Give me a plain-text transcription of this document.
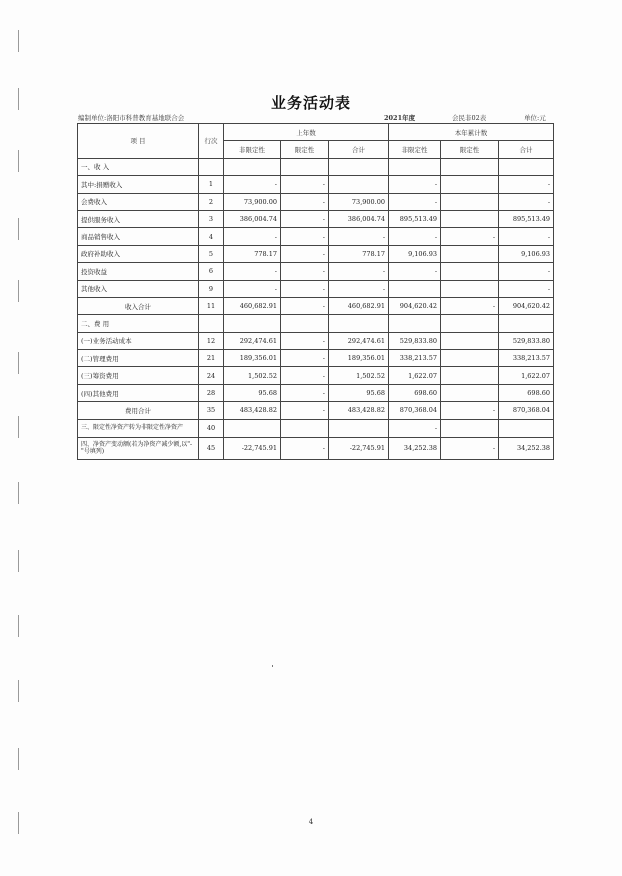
业务活动表
编制单位:洛阳市科普教育基地联合会	2021年度	会民非02表	单位:元
项 目	行次	上年数			本年累计数		
		非限定性	限定性	合计	非限定性	限定性	合计
一、收 入							
其中:捐赠收入	1	-	-		-		-
会费收入	2	73,900.00	-	73,900.00	-		-
提供服务收入	3	386,004.74	-	386,004.74	895,513.49		895,513.49
商品销售收入	4	-	-	-	-	-	-
政府补助收入	5	778.17	-	778.17	9,106.93		9,106.93
投资收益	6	-	-	-	-		-
其他收入	9	-	-	-			-
收入合计	11	460,682.91	-	460,682.91	904,620.42	-	904,620.42
二、费 用							
(一)业务活动成本	12	292,474.61	-	292,474.61	529,833.80		529,833.80
(二)管理费用	21	189,356.01	-	189,356.01	338,213.57		338,213.57
(三)筹资费用	24	1,502.52	-	1,502.52	1,622.07		1,622.07
(四)其他费用	28	95.68	-	95.68	698.60		698.60
费用合计	35	483,428.82	-	483,428.82	870,368.04	-	870,368.04
三、限定性净资产转为非限定性净资产	40				-		
四、净资产变动额(若为净资产减少额,以"-"号填列)	45	-22,745.91	-	-22,745.91	34,252.38	-	34,252.38
4
